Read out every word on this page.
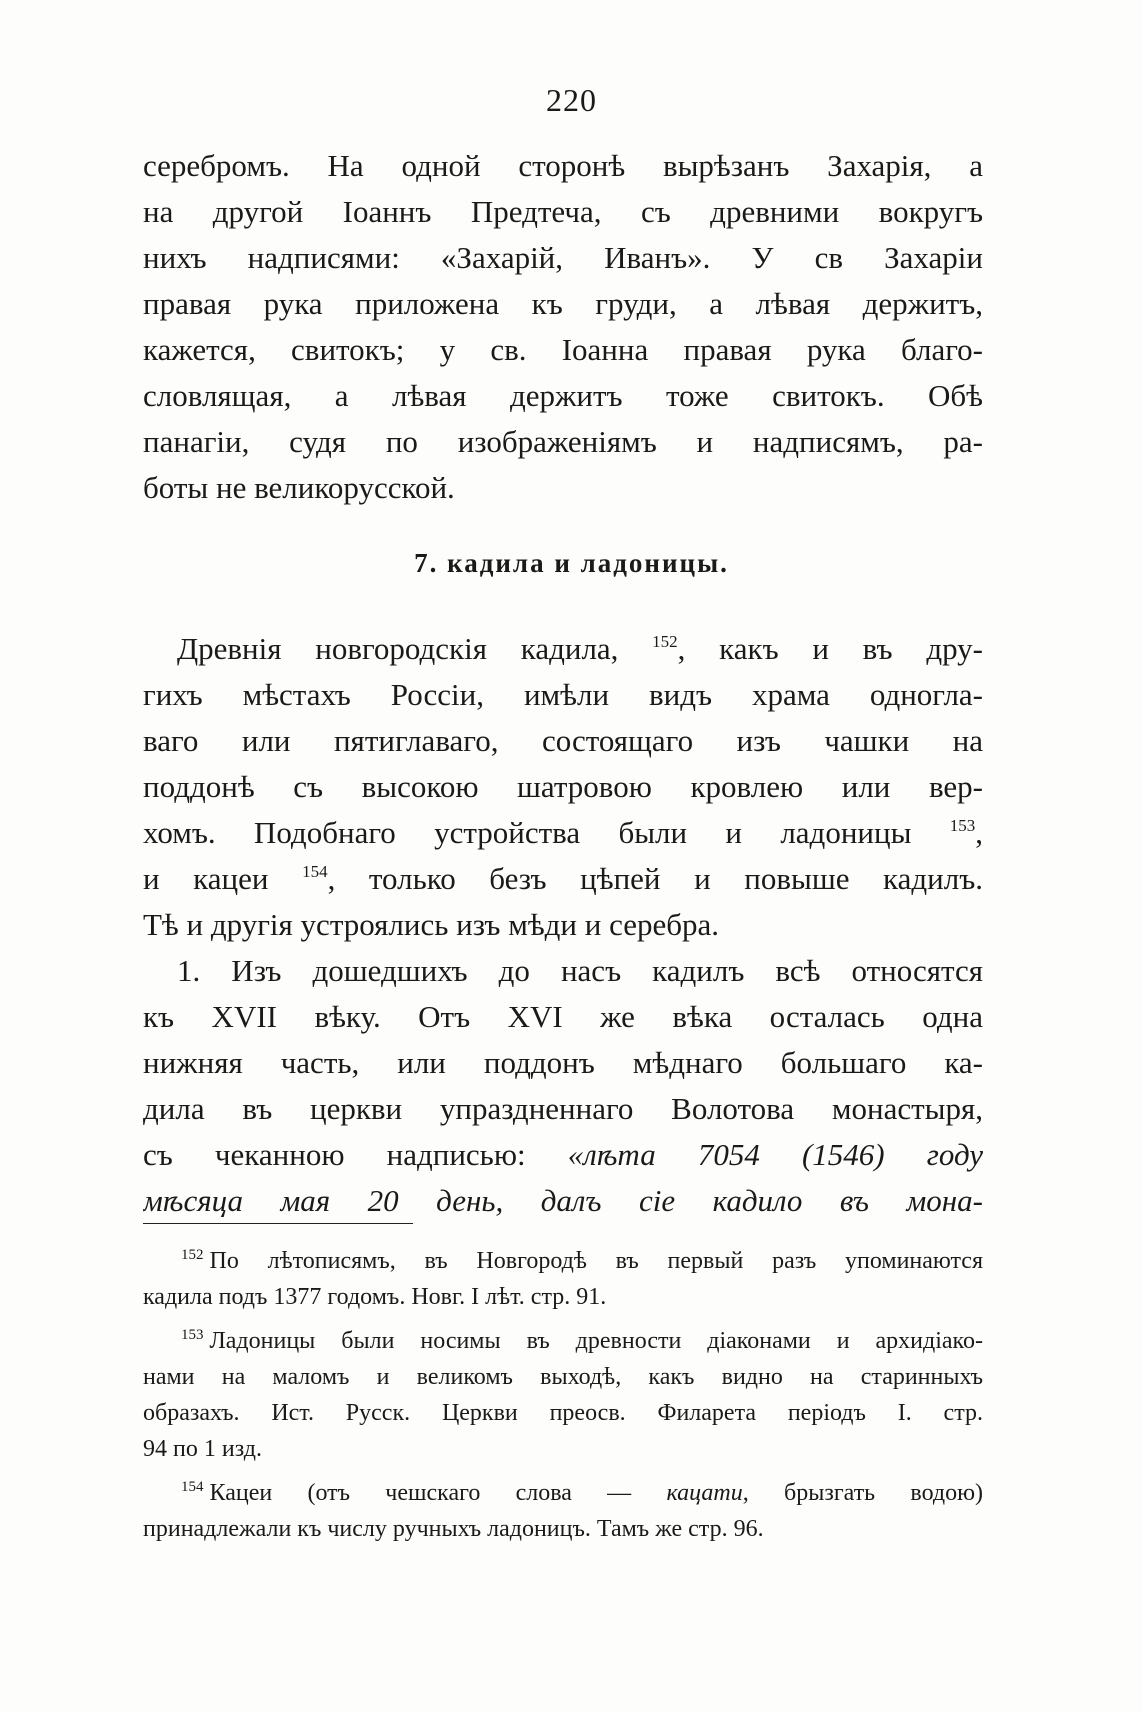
220
серебромъ. На одной сторонѣ вырѣзанъ Захарія, а
на другой Іоаннъ Предтеча, съ древними вокругъ
нихъ надписями: «Захарій, Иванъ». У св Захаріи
правая рука приложена къ груди, а лѣвая держитъ,
кажется, свитокъ; у св. Іоанна правая рука благо-
словлящая, а лѣвая держитъ тоже свитокъ. Обѣ
панагіи, судя по изображеніямъ и надписямъ, ра-
боты не великорусской.
7. кадила и ладоницы.
Древнія новгородскія кадила, $^{152}$, какъ и въ дру-
гихъ мѣстахъ Россіи, имѣли видъ храма одногла-
ваго или пятиглаваго, состоящаго изъ чашки на
поддонѣ съ высокою шатровою кровлею или вер-
хомъ. Подобнаго устройства были и ладоницы $^{153}$,
и кацеи $^{154}$, только безъ цѣпей и повыше кадилъ.
Тѣ и другія устроялись изъ мѣди и серебра.
1. Изъ дошедшихъ до насъ кадилъ всѣ относятся
къ XVII вѣку. Отъ XVI же вѣка осталась одна
нижняя часть, или поддонъ мѣднаго большаго ка-
дила въ церкви упраздненнаго Волотова монастыря,
съ чеканною надписью: «лѣта 7054 (1546) году
мѣсяца мая 20 день, далъ сіе кадило въ мона-
$^{152}$ По лѣтописямъ, въ Новгородѣ въ первый разъ упоминаются
кадила подъ 1377 годомъ. Новг. I лѣт. стр. 91.
$^{153}$ Ладоницы были носимы въ древности діаконами и архидіако-
нами на маломъ и великомъ выходѣ, какъ видно на старинныхъ
образахъ. Ист. Русск. Церкви преосв. Филарета періодъ I. стр.
94 по 1 изд.
$^{154}$ Кацеи (отъ чешскаго слова — кацати, брызгать водою)
принадлежали къ числу ручныхъ ладоницъ. Тамъ же стр. 96.
